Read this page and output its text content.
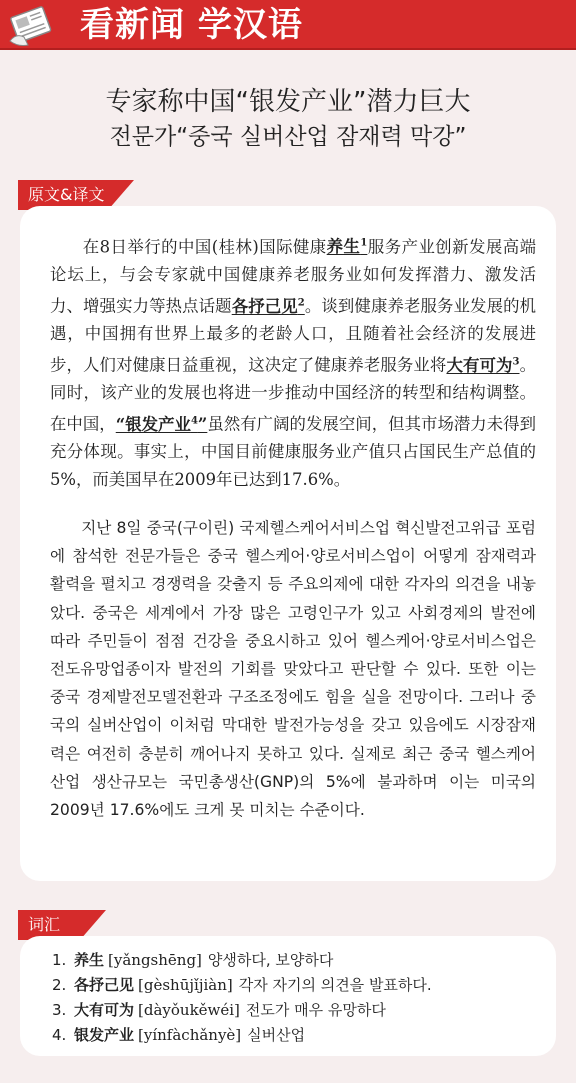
看新闻 学汉语
专家称中国“银发产业”潜力巨大
전문가“중국 실버산업 잠재력 막강”
原文&译文

在8日举行的中国(桂林)国际健康养生$^1$服务产业创新发展高端论坛上，与会专家就中国健康养老服务业如何发挥潜力、激发活力、增强实力等热点话题各抒己见$^2$。谈到健康养老服务业发展的机遇，中国拥有世界上最多的老龄人口，且随着社会经济的发展进步，人们对健康日益重视，这决定了健康养老服务业将大有可为$^3$。同时，该产业的发展也将进一步推动中国经济的转型和结构调整。在中国，“银发产业$^4$”虽然有广阔的发展空间，但其市场潜力未得到充分体现。事实上，中国目前健康服务业产值只占国民生产总值的5%，而美国早在2009年已达到17.6%。

지난 8일 중국(구이린) 국제헬스케어서비스업 혁신발전고위급 포럼에 참석한 전문가들은 중국 헬스케어·양로서비스업이 어떻게 잠재력과 활력을 펼치고 경쟁력을 갖출지 등 주요의제에 대한 각자의 의견을 내놓았다. 중국은 세계에서 가장 많은 고령인구가 있고 사회경제의 발전에 따라 주민들이 점점 건강을 중요시하고 있어 헬스케어·양로서비스업은 전도유망업종이자 발전의 기회를 맞았다고 판단할 수 있다. 또한 이는 중국 경제발전모델전환과 구조조정에도 힘을 실을 전망이다. 그러나 중국의 실버산업이 이처럼 막대한 발전가능성을 갖고 있음에도 시장잠재력은 여전히 충분히 깨어나지 못하고 있다. 실제로 최근 중국 헬스케어산업 생산규모는 국민총생산(GNP)의 5%에 불과하며 이는 미국의 2009년 17.6%에도 크게 못 미치는 수준이다.

词汇
1. 养生 [yǎngshēng] 양생하다, 보양하다
2. 各抒己见 [gèshūjǐjiàn] 각자 자기의 의견을 발표하다.
3. 大有可为 [dàyǒukěwéi] 전도가 매우 유망하다
4. 银发产业 [yínfàchǎnyè] 실버산업
